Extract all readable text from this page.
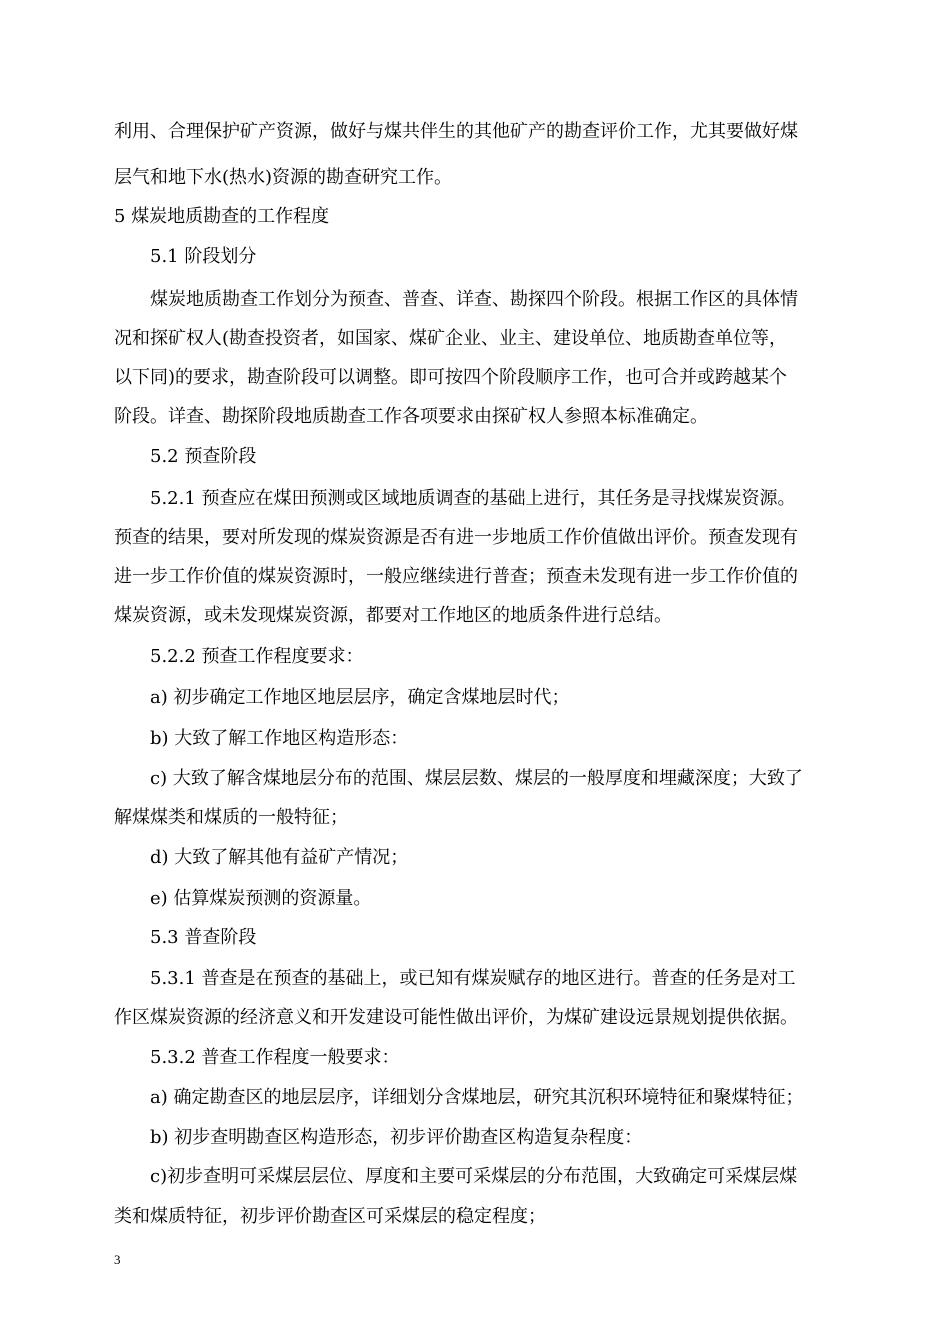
利用、合理保护矿产资源，做好与煤共伴生的其他矿产的勘查评价工作，尤其要做好煤
层气和地下水(热水)资源的勘查研究工作。
5 煤炭地质勘查的工作程度
5.1 阶段划分
煤炭地质勘查工作划分为预查、普查、详查、勘探四个阶段。根据工作区的具体情
况和探矿权人(勘查投资者，如国家、煤矿企业、业主、建设单位、地质勘查单位等，
以下同)的要求，勘查阶段可以调整。即可按四个阶段顺序工作，也可合并或跨越某个
阶段。详查、勘探阶段地质勘查工作各项要求由探矿权人参照本标准确定。
5.2 预查阶段
5.2.1 预查应在煤田预测或区域地质调查的基础上进行，其任务是寻找煤炭资源。
预查的结果，要对所发现的煤炭资源是否有进一步地质工作价值做出评价。预查发现有
进一步工作价值的煤炭资源时，一般应继续进行普查；预查未发现有进一步工作价值的
煤炭资源，或未发现煤炭资源，都要对工作地区的地质条件进行总结。
5.2.2 预查工作程度要求：
a) 初步确定工作地区地层层序，确定含煤地层时代；
b) 大致了解工作地区构造形态：
c) 大致了解含煤地层分布的范围、煤层层数、煤层的一般厚度和埋藏深度；大致了
解煤煤类和煤质的一般特征；
d) 大致了解其他有益矿产情况；
e) 估算煤炭预测的资源量。
5.3 普查阶段
5.3.1 普查是在预查的基础上，或已知有煤炭赋存的地区进行。普查的任务是对工
作区煤炭资源的经济意义和开发建设可能性做出评价，为煤矿建设远景规划提供依据。
5.3.2 普查工作程度一般要求：
a) 确定勘查区的地层层序，详细划分含煤地层，研究其沉积环境特征和聚煤特征；
b) 初步查明勘查区构造形态，初步评价勘查区构造复杂程度：
c)初步查明可采煤层层位、厚度和主要可采煤层的分布范围，大致确定可采煤层煤
类和煤质特征，初步评价勘查区可采煤层的稳定程度；
3
